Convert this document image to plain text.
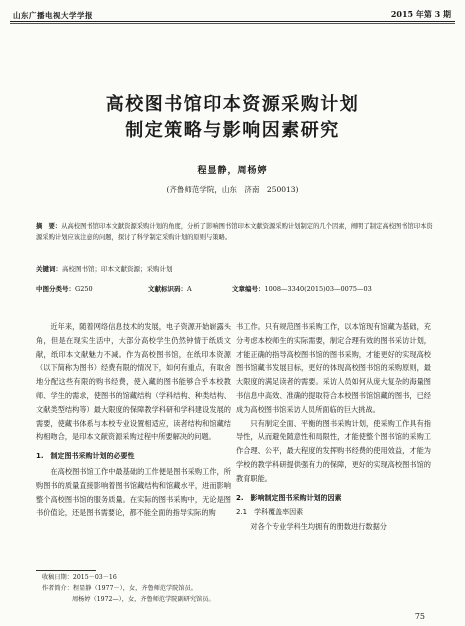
山东广播电视大学学报	2015 年第 3 期
高校图书馆印本资源采购计划
制定策略与影响因素研究
程显静，周杨婷
(齐鲁师范学院，山东　济南　250013)
摘　要：从高校图书馆印本文献资源采购计划的角度，分析了影响图书馆印本文献资源采购计划制定的几个因素，阐明了制定高校图书馆印本资源采购计划应该注意的问题，探讨了科学制定采购计划的原则与策略。
关键词：高校图书馆；印本文献资源；采购计划
中图分类号：G250	文献标识码：A	文章编号：1008—3340(2015)03—0075—03

近年来，随着网络信息技术的发展，电子资源开始崭露头角，但是在现实生活中，大部分高校学生仍然钟情于纸质文献，纸印本文献魅力不减。作为高校图书馆，在纸印本资源（以下简称为图书）经费有限的情况下，如何有重点，有取舍地分配这些有限的购书经费，使入藏的图书能够合乎本校教师、学生的需求，使图书的馆藏结构（学科结构、种类结构、文献类型结构等）最大限度的保障教学科研和学科建设发展的需要，使藏书体系与本校专业设置相适应，读者结构和馆藏结构相吻合，是印本文献资源采购过程中所要解决的问题。

1.　制定图书采购计划的必要性

在高校图书馆工作中最基础的工作便是图书采购工作，所购图书的质量直接影响着图书馆藏结构和馆藏水平，进而影响整个高校图书馆的服务质量。在实际的图书采购中，无论是图书价值论，还是图书需要论，都不能全面的指导实际的购

书工作。只有规范图书采购工作，以本馆现有馆藏为基础，充分考虑本校师生的实际需要，制定合理有效的图书采访计划，才能正确的指导高校图书馆的图书采购，才能更好的实现高校图书馆藏书发展目标，更好的体现高校图书馆的采购原则，最大限度的满足读者的需要。采访人员如何从庞大复杂的海量图书信息中高效、准确的提取符合本校图书馆馆藏的图书，已经成为高校图书馆采访人员所面临的巨大挑战。

只有制定全面、平衡的图书采购计划，使采购工作具有指导性，从而避免随意性和局限性，才能使整个图书馆的采购工作合理、公平，最大程度的发挥购书经费的使用效益，才能为学校的教学科研提供强有力的保障，更好的实现高校图书馆的教育职能。

2.　影响制定图书采购计划的因素

2.1　学科覆盖率因素

对各个专业学科生均拥有的册数进行数据分

收稿日期：2015－03－16
作者简介：程显静（1977－），女，齐鲁师范学院馆员。
周杨婷（1972—），女，齐鲁师范学院副研究馆员。
75
